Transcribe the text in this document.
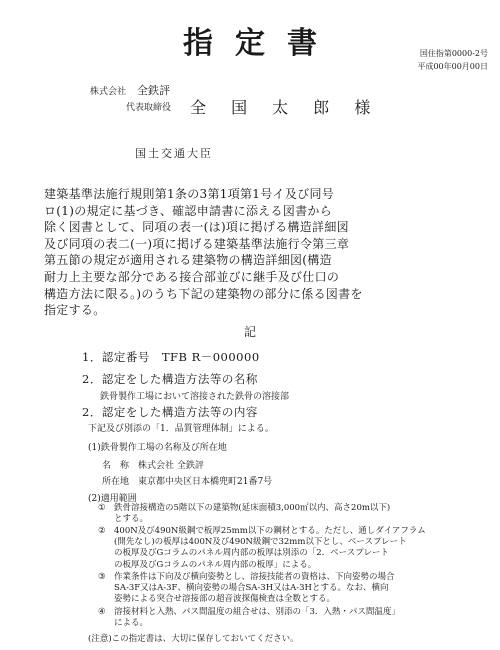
指定書	国住指第0000-2号
平成00年00月00日
株式会社 全鉄評
代表取締役 全 国 太 郎 様
国土交通大臣
建築基準法施行規則第1条の3第1項第1号イ及び同号
ロ(1)の規定に基づき、確認申請書に添える図書から
除く図書として、同項の表一(は)項に掲げる構造詳細図
及び同項の表二(一)項に掲げる建築基準法施行令第三章
第五節の規定が適用される建築物の構造詳細図(構造
耐力上主要な部分である接合部並びに継手及び仕口の
構造方法に限る。)のうち下記の建築物の部分に係る図書を
指定する。
記
1．認定番号　TFB R－000000
2．認定をした構造方法等の名称
鉄骨製作工場において溶接された鉄骨の溶接部
2．認定をした構造方法等の内容
下記及び別添の「1．品質管理体制」による。
(1)鉄骨製作工場の名称及び所在地
名　称　株式会社 全鉄評
所在地　東京都中央区日本橋兜町21番7号
(2)適用範囲
① 鉄骨溶接構造の5階以下の建築物(延床面積3,000㎡以内、高さ20m以下)
とする。
② 400N及び490N級鋼で板厚25mm以下の鋼材とする。ただし、通しダイアフラム
(開先なし)の板厚は400N及び490N級鋼で32mm以下とし、ベースプレート
の板厚及びGコラムのパネル周内部の板厚は別添の「2．ベースプレート
の板厚及びGコラムのパネル周内部の板厚」による。
③ 作業条件は下向及び横向姿勢とし、溶接技能者の資格は、下向姿勢の場合
SA-3F又はA-3F、横向姿勢の場合SA-3H又はA-3Hとする。なお、横向
姿勢による突合せ溶接部の超音波探傷検査は全数とする。
④ 溶接材料と入熱、パス間温度の組合せは、別添の「3．入熱・パス間温度」
による。
(注意)この指定書は、大切に保存しておいてください。
